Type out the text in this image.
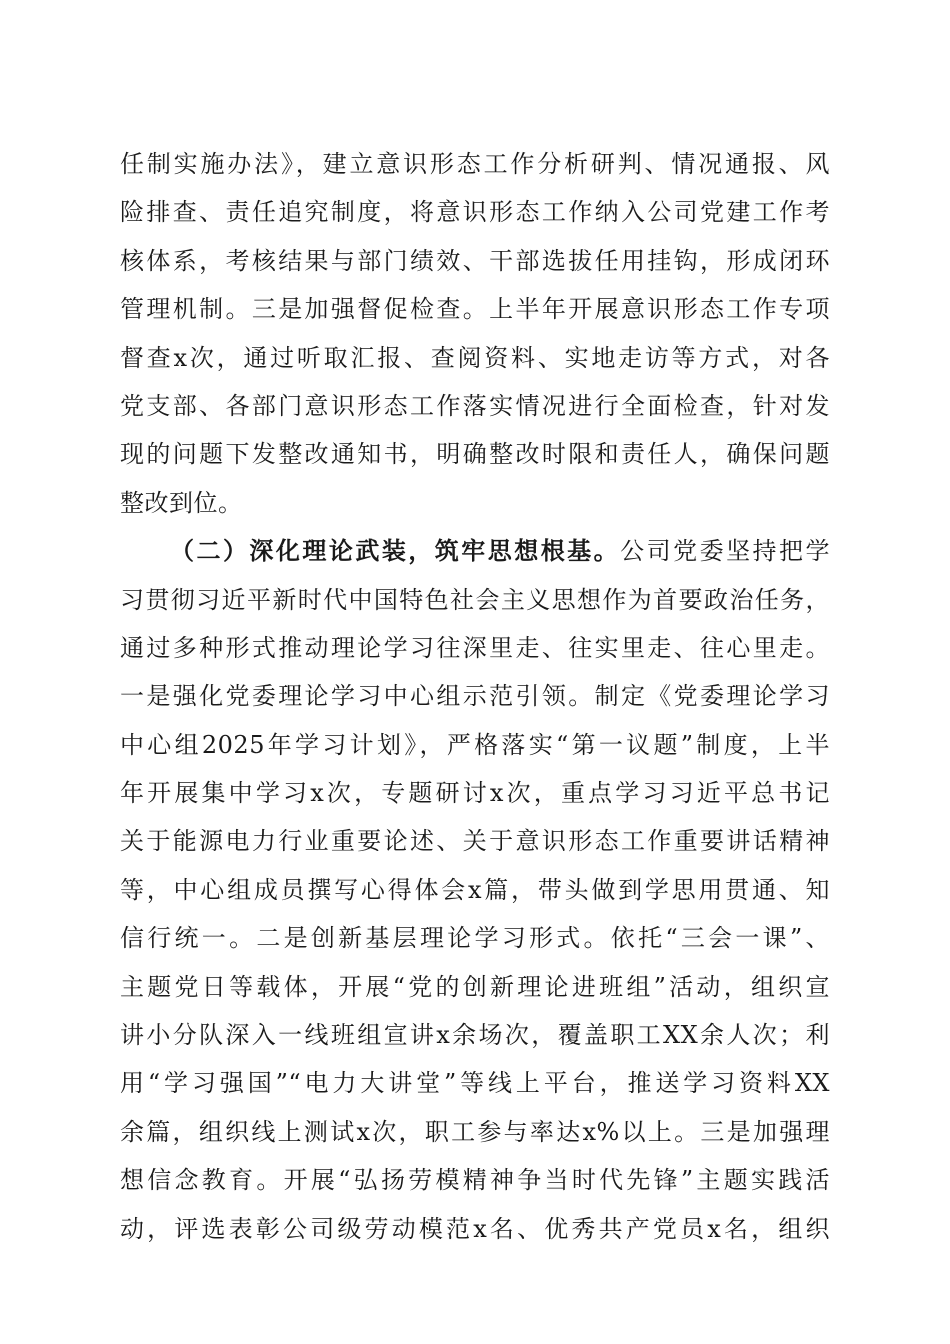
任制实施办法》，建立意识形态工作分析研判、情况通报、风
险排查、责任追究制度，将意识形态工作纳入公司党建工作考
核体系，考核结果与部门绩效、干部选拔任用挂钩，形成闭环
管理机制。三是加强督促检查。上半年开展意识形态工作专项
督查x次，通过听取汇报、查阅资料、实地走访等方式，对各
党支部、各部门意识形态工作落实情况进行全面检查，针对发
现的问题下发整改通知书，明确整改时限和责任人，确保问题
整改到位。
（二）深化理论武装，筑牢思想根基。公司党委坚持把学
习贯彻习近平新时代中国特色社会主义思想作为首要政治任务，
通过多种形式推动理论学习往深里走、往实里走、往心里走。
一是强化党委理论学习中心组示范引领。制定《党委理论学习
中心组2025年学习计划》，严格落实“第一议题”制度，上半
年开展集中学习x次，专题研讨x次，重点学习习近平总书记
关于能源电力行业重要论述、关于意识形态工作重要讲话精神
等，中心组成员撰写心得体会x篇，带头做到学思用贯通、知
信行统一。二是创新基层理论学习形式。依托“三会一课”、
主题党日等载体，开展“党的创新理论进班组”活动，组织宣
讲小分队深入一线班组宣讲x余场次，覆盖职工XX余人次；利
用“学习强国”“电力大讲堂”等线上平台，推送学习资料XX
余篇，组织线上测试x次，职工参与率达x%以上。三是加强理
想信念教育。开展“弘扬劳模精神争当时代先锋”主题实践活
动，评选表彰公司级劳动模范x名、优秀共产党员x名，组织
